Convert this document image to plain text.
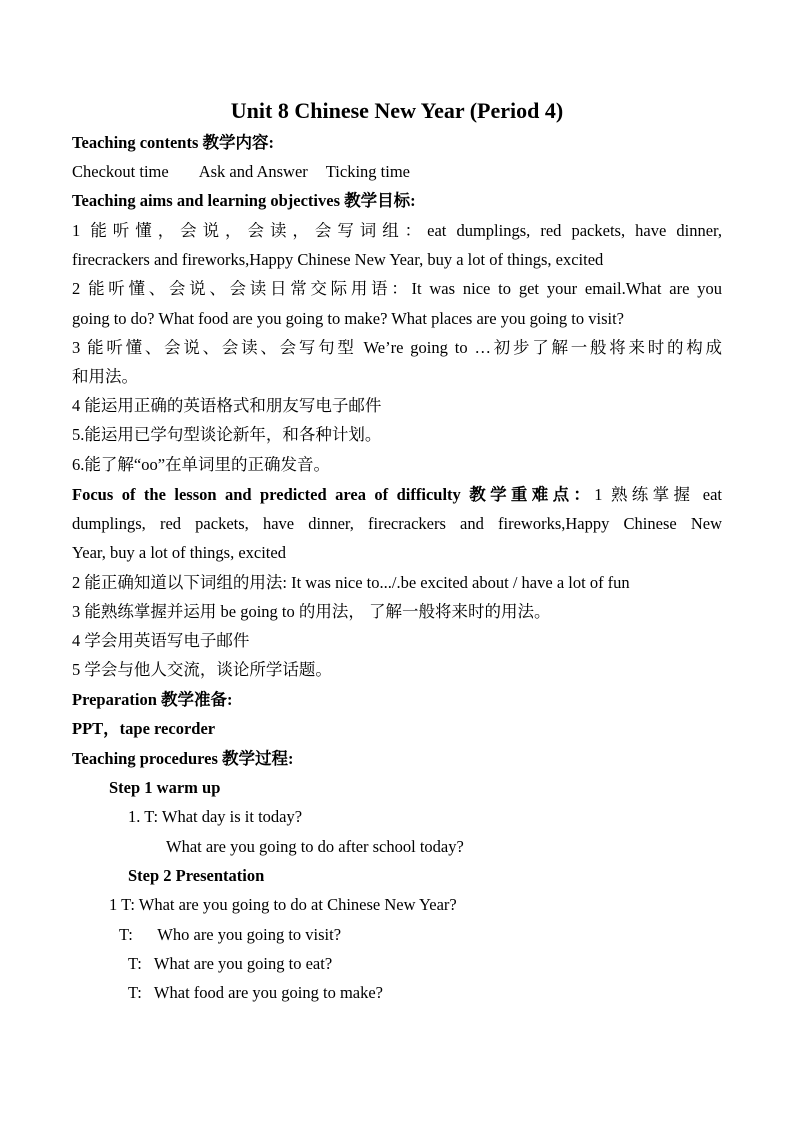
Unit 8 Chinese New Year (Period 4)
Teaching contents 教学内容:
Checkout time Ask and Answer Ticking time
Teaching aims and learning objectives 教学目标:
1 能听懂，会说，会读，会写词组：eat dumplings, red packets, have dinner,
firecrackers and fireworks,Happy Chinese New Year, buy a lot of things, excited
2 能听懂、会说、会读日常交际用语：It was nice to get your email.What are you
going to do? What food are you going to make? What places are you going to visit?
3 能听懂、会说、会读、会写句型 We’re going to …初步了解一般将来时的构成
和用法。
4 能运用正确的英语格式和朋友写电子邮件
5.能运用已学句型谈论新年，和各种计划。
6.能了解“oo”在单词里的正确发音。
Focus of the lesson and predicted area of difficulty 教学重难点：1 熟练掌握 eat
dumplings, red packets, have dinner, firecrackers and fireworks,Happy Chinese New
Year, buy a lot of things, excited
2 能正确知道以下词组的用法: It was nice to.../.be excited about / have a lot of fun
3 能熟练掌握并运用 be going to 的用法， 了解一般将来时的用法。
4 学会用英语写电子邮件
5 学会与他人交流，谈论所学话题。
Preparation 教学准备:
PPT，tape recorder
Teaching procedures 教学过程:
Step 1 warm up
1. T: What day is it today?
What are you going to do after school today?
Step 2 Presentation
1 T: What are you going to do at Chinese New Year?
T:      Who are you going to visit?
T:   What are you going to eat?
T:   What food are you going to make?
